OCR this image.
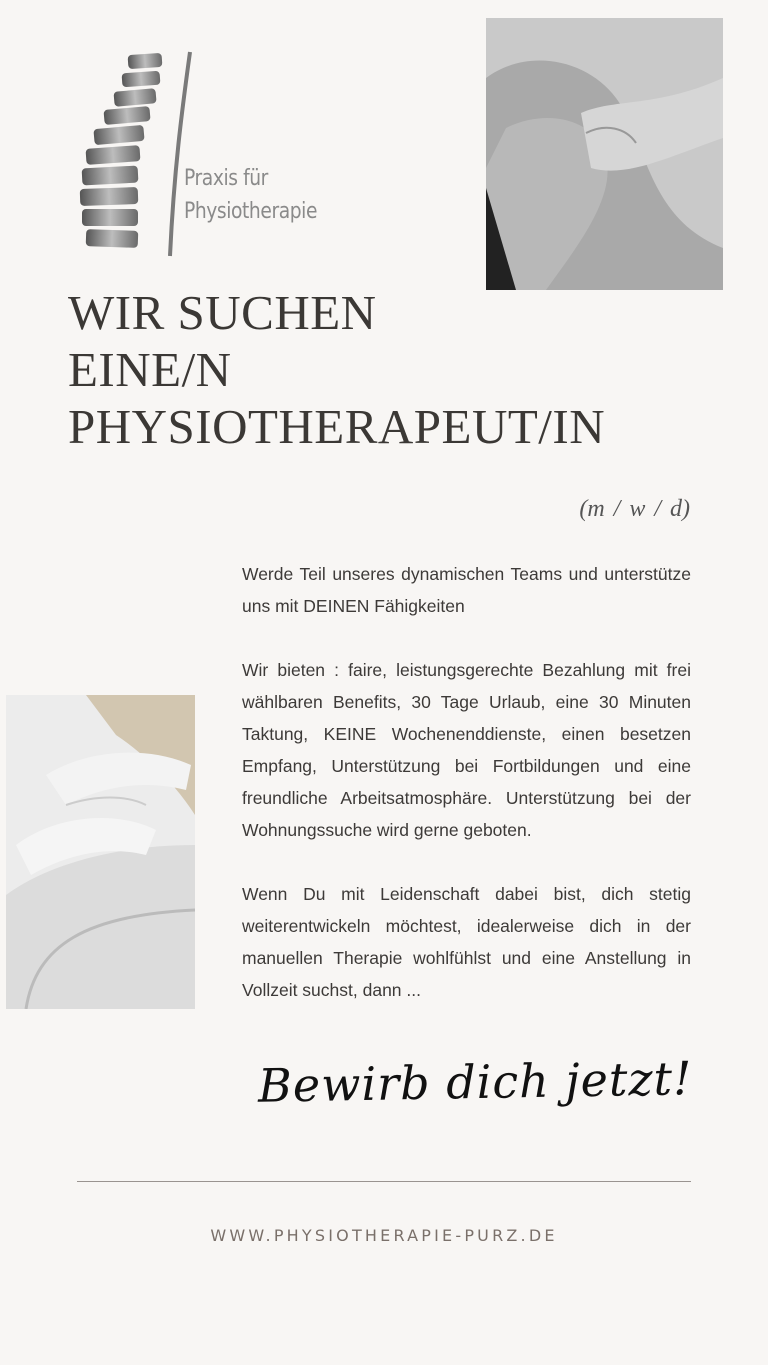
Praxis für
Physiotherapie
WIR SUCHEN
EINE/N
PHYSIOTHERAPEUT/IN
(m / w / d)

Werde Teil unseres dynamischen Teams und unterstütze uns mit DEINEN Fähigkeiten

Wir bieten : faire, leistungsgerechte Bezahlung mit frei wählbaren Benefits, 30 Tage Urlaub, eine 30 Minuten Taktung, KEINE Wochenenddienste, einen besetzen Empfang, Unterstützung bei Fortbildungen und eine freundliche Arbeitsatmosphäre. Unterstützung bei der Wohnungssuche wird gerne geboten.

Wenn Du mit Leidenschaft dabei bist, dich stetig weiterentwickeln möchtest, idealerweise dich in der manuellen Therapie wohlfühlst und eine Anstellung in Vollzeit suchst, dann ...

Bewirb dich jetzt!
WWW.PHYSIOTHERAPIE-PURZ.DE
